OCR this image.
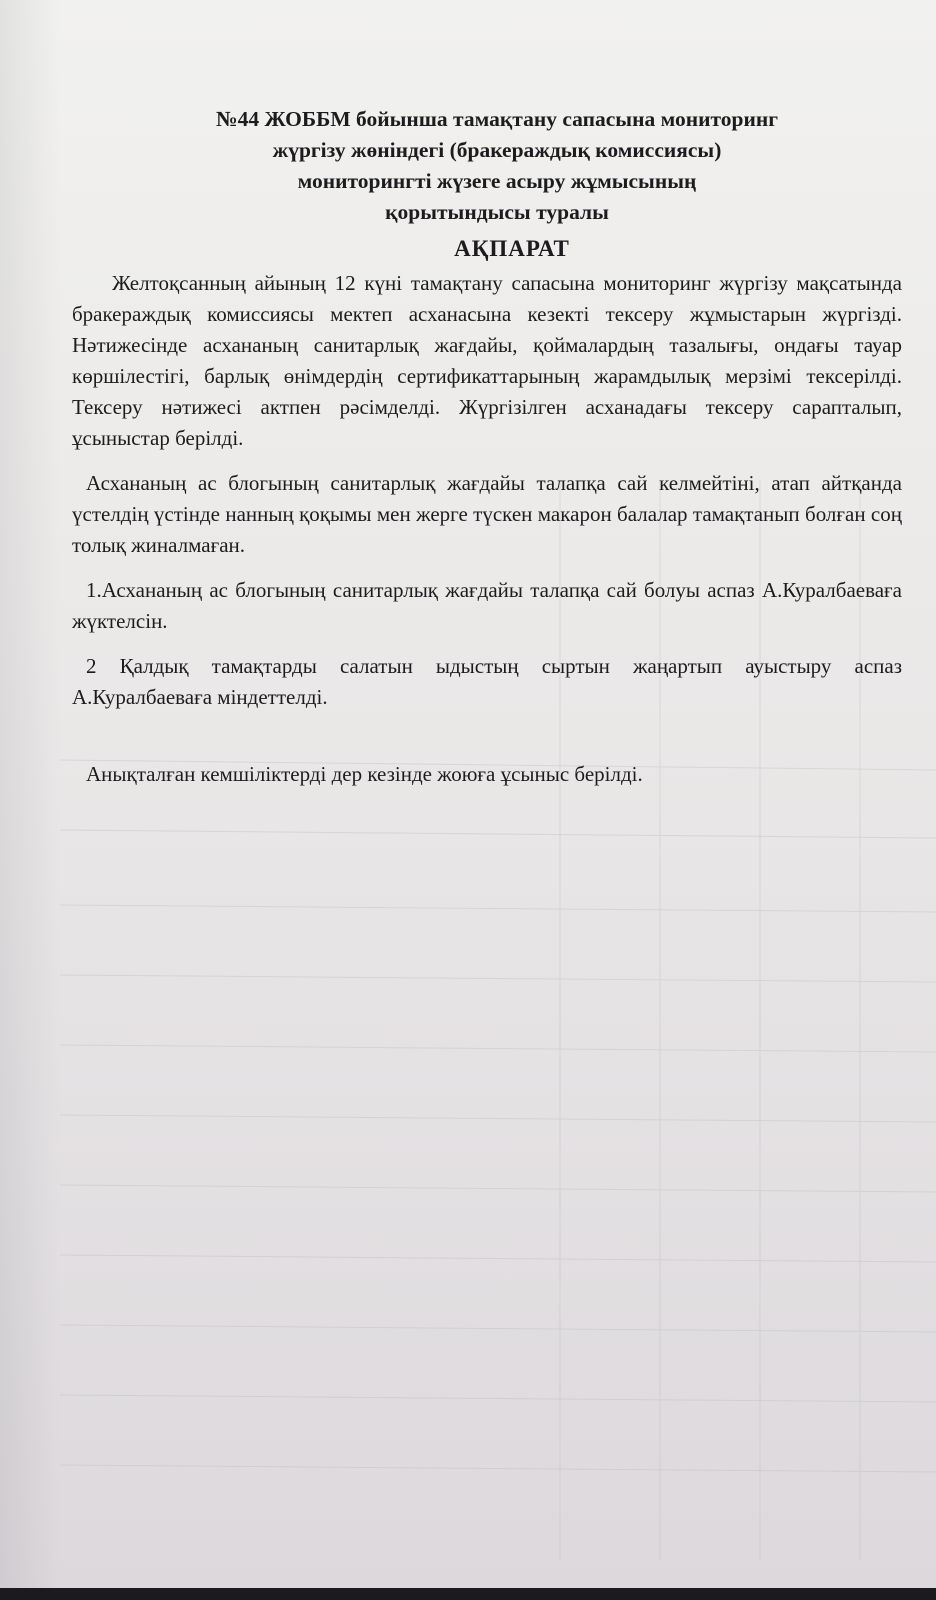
№44 ЖОББМ бойынша тамақтану сапасына мониторинг
жүргізу жөніндегі (бракераждық комиссиясы)
мониторингті жүзеге асыру жұмысының
қорытындысы туралы
АҚПАРАТ

Желтоқсанның айының 12 күні тамақтану сапасына мониторинг жүргізу мақсатында бракераждық комиссиясы мектеп асханасына кезекті тексеру жұмыстарын жүргізді. Нәтижесінде асхананың санитарлық жағдайы, қоймалардың тазалығы, ондағы тауар көршілестігі, барлық өнімдердің сертификаттарының жарамдылық мерзімі тексерілді. Тексеру нәтижесі актпен рәсімделді. Жүргізілген асханадағы тексеру сарапталып, ұсыныстар берілді.

Асхананың ас блогының санитарлық жағдайы талапқа сай келмейтіні, атап айтқанда үстелдің үстінде нанның қоқымы мен жерге түскен макарон балалар тамақтанып болған соң толық жиналмаған.

1.Асхананың ас блогының санитарлық жағдайы талапқа сай болуы аспаз А.Куралбаеваға жүктелсін.

2 Қалдық тамақтарды салатын ыдыстың сыртын жаңартып ауыстыру аспаз А.Куралбаеваға міндеттелді.

Анықталған кемшіліктерді дер кезінде жоюға ұсыныс берілді.
